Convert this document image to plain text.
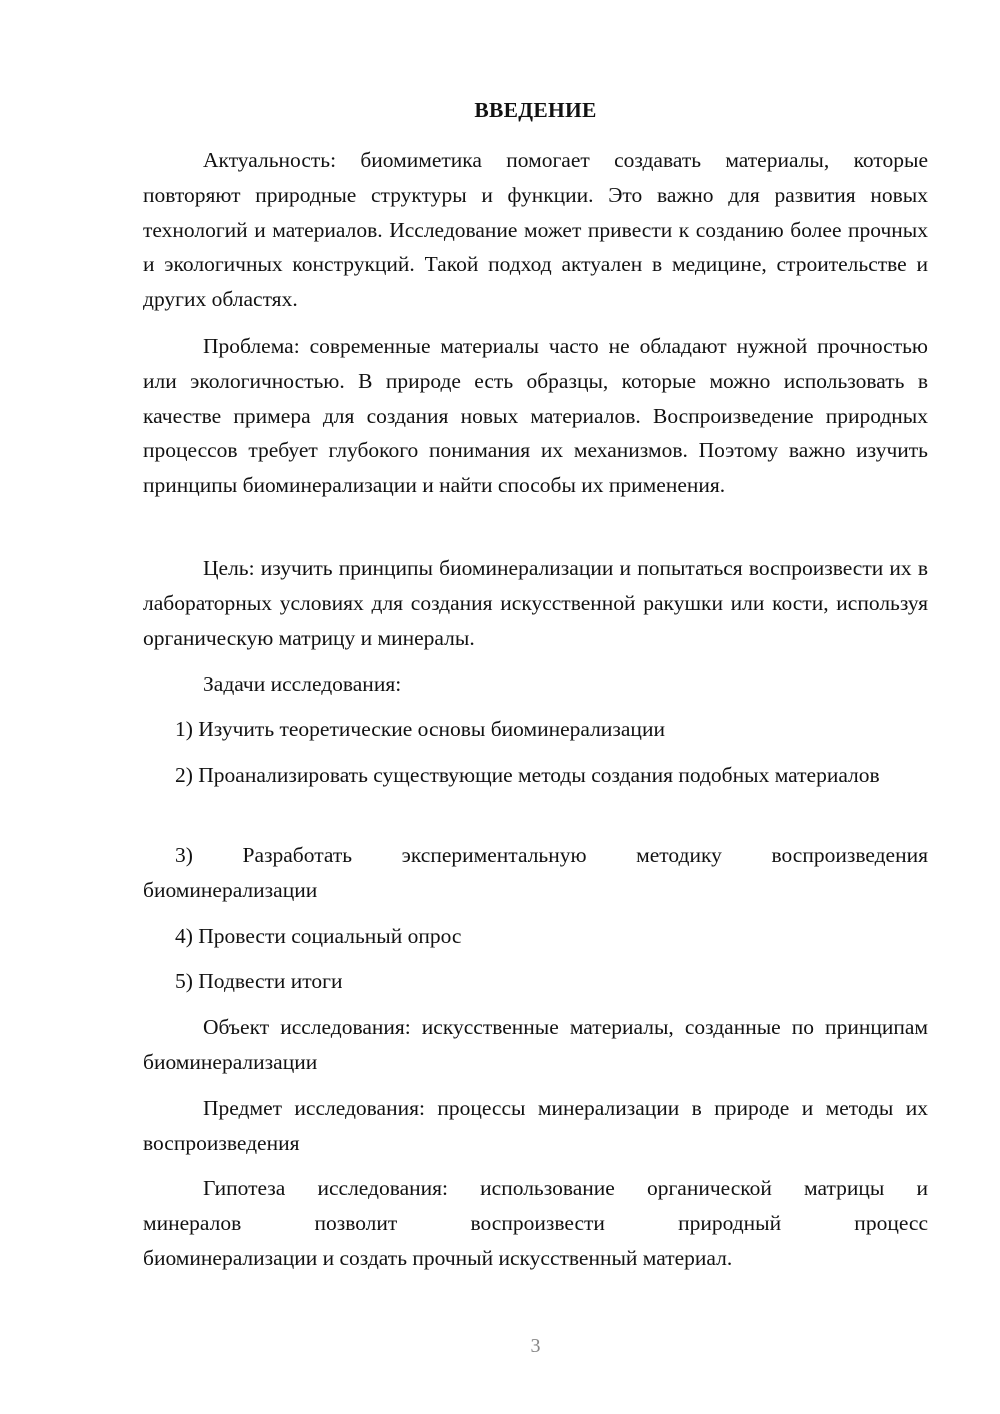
ВВЕДЕНИЕ

Актуальность: биомиметика помогает создавать материалы, которые повторяют природные структуры и функции. Это важно для развития новых технологий и материалов. Исследование может привести к созданию более прочных и экологичных конструкций. Такой подход актуален в медицине, строительстве и других областях.

Проблема: современные материалы часто не обладают нужной прочностью или экологичностью. В природе есть образцы, которые можно использовать в качестве примера для создания новых материалов. Воспроизведение природных процессов требует глубокого понимания их механизмов. Поэтому важно изучить принципы биоминерализации и найти способы их применения.

Цель: изучить принципы биоминерализации и попытаться воспроизвести их в лабораторных условиях для создания искусственной ракушки или кости, используя органическую матрицу и минералы.

Задачи исследования:

1) Изучить теоретические основы биоминерализации

2) Проанализировать существующие методы создания подобных материалов

3) Разработать экспериментальную методику воспроизведения биоминерализации

4) Провести социальный опрос

5) Подвести итоги

Объект исследования: искусственные материалы, созданные по принципам биоминерализации

Предмет исследования: процессы минерализации в природе и методы их воспроизведения

Гипотеза исследования: использование органической матрицы и

минералов позволит воспроизвести природный процесс

биоминерализации и создать прочный искусственный материал.

3
